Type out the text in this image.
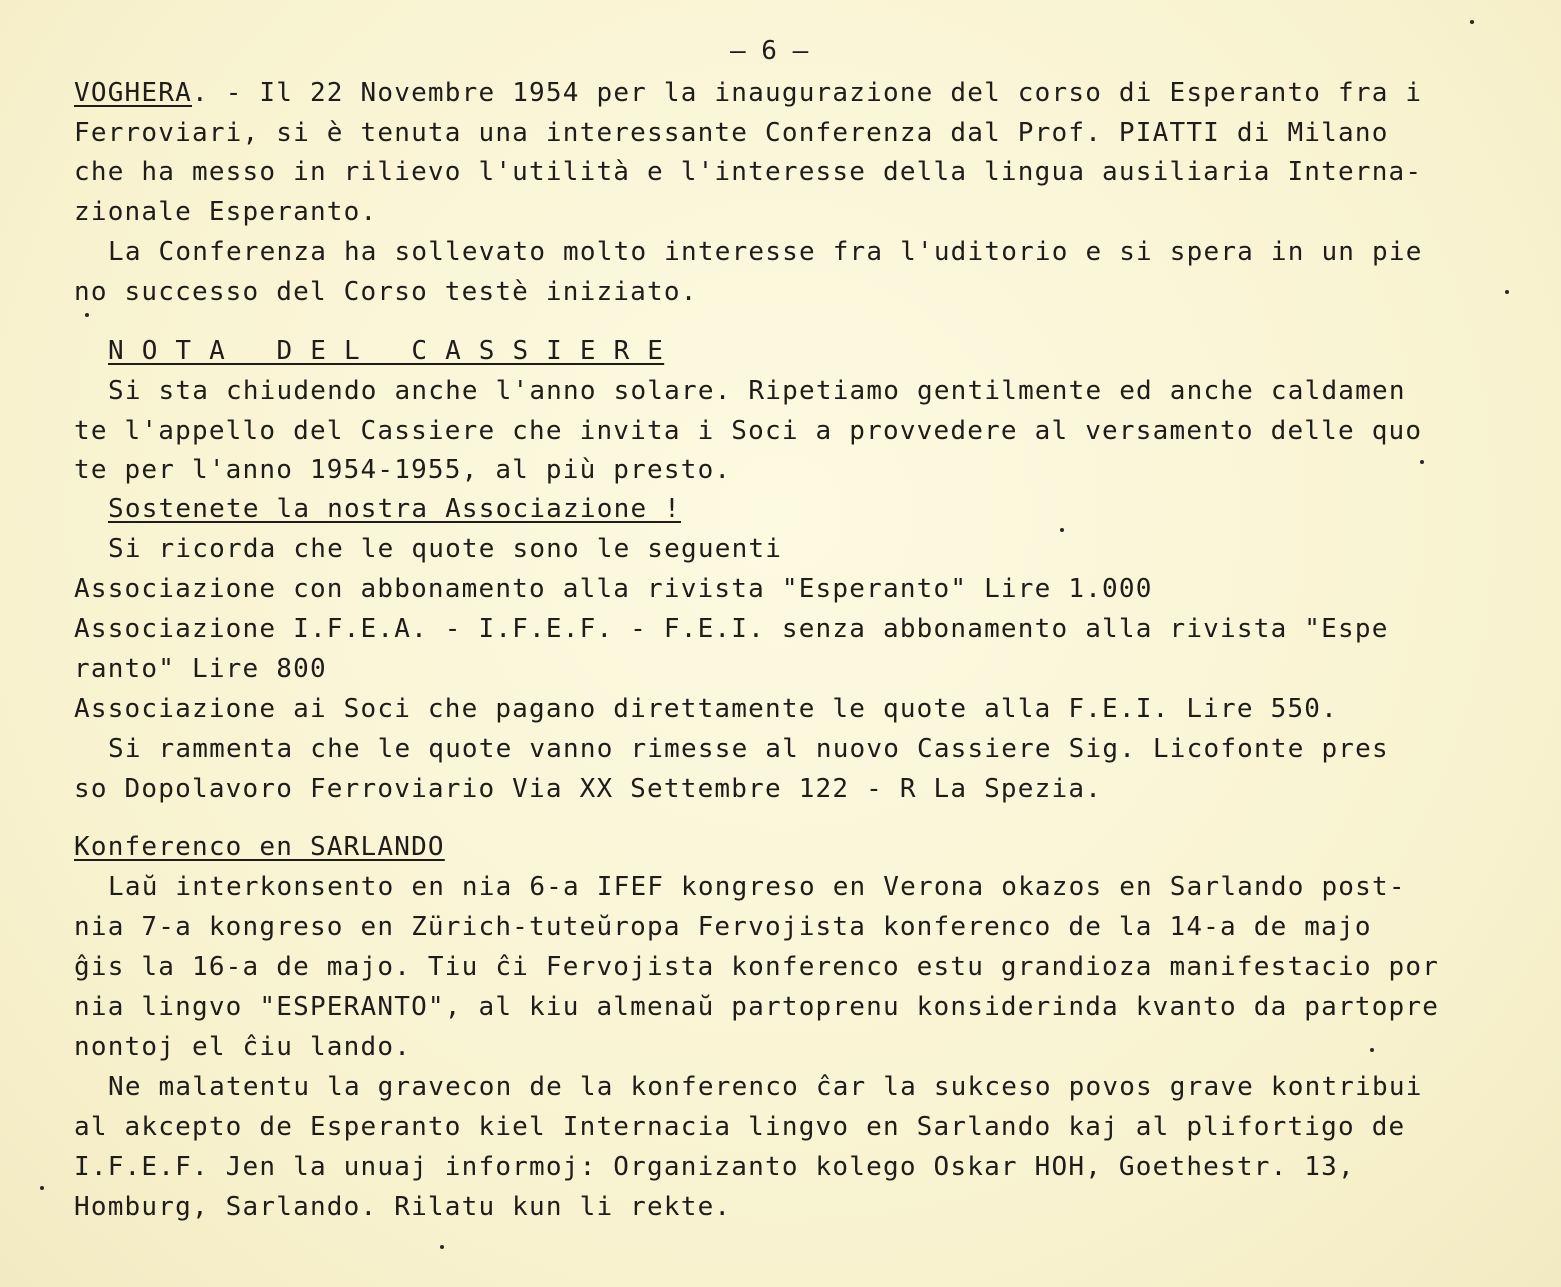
– 6 –
VOGHERA. - Il 22 Novembre 1954 per la inaugurazione del corso di Esperanto fra i
Ferroviari, si è tenuta una interessante Conferenza dal Prof. PIATTI di Milano
che ha messo in rilievo l'utilità e l'interesse della lingua ausiliaria Interna-
zionale Esperanto.
La Conferenza ha sollevato molto interesse fra l'uditorio e si spera in un pie
no successo del Corso testè iniziato.
N O T A   D E L   C A S S I E R E
Si sta chiudendo anche l'anno solare. Ripetiamo gentilmente ed anche caldamen
te l'appello del Cassiere che invita i Soci a provvedere al versamento delle quo
te per l'anno 1954-1955, al più presto.
Sostenete la nostra Associazione !
Si ricorda che le quote sono le seguenti
Associazione con abbonamento alla rivista "Esperanto" Lire 1.000
Associazione I.F.E.A. - I.F.E.F. - F.E.I. senza abbonamento alla rivista "Espe
ranto" Lire 800
Associazione ai Soci che pagano direttamente le quote alla F.E.I. Lire 550.
Si rammenta che le quote vanno rimesse al nuovo Cassiere Sig. Licofonte pres
so Dopolavoro Ferroviario Via XX Settembre 122 - R La Spezia.
Konferenco en SARLANDO
Laŭ interkonsento en nia 6-a IFEF kongreso en Verona okazos en Sarlando post-
nia 7-a kongreso en Zürich-tuteŭropa Fervojista konferenco de la 14-a de majo
ĝis la 16-a de majo. Tiu ĉi Fervojista konferenco estu grandioza manifestacio por
nia lingvo "ESPERANTO", al kiu almenaŭ partoprenu konsiderinda kvanto da partopre
nontoj el ĉiu lando.
Ne malatentu la gravecon de la konferenco ĉar la sukceso povos grave kontribui
al akcepto de Esperanto kiel Internacia lingvo en Sarlando kaj al plifortigo de
I.F.E.F. Jen la unuaj informoj: Organizanto kolego Oskar HOH, Goethestr. 13,
Homburg, Sarlando. Rilatu kun li rekte.
